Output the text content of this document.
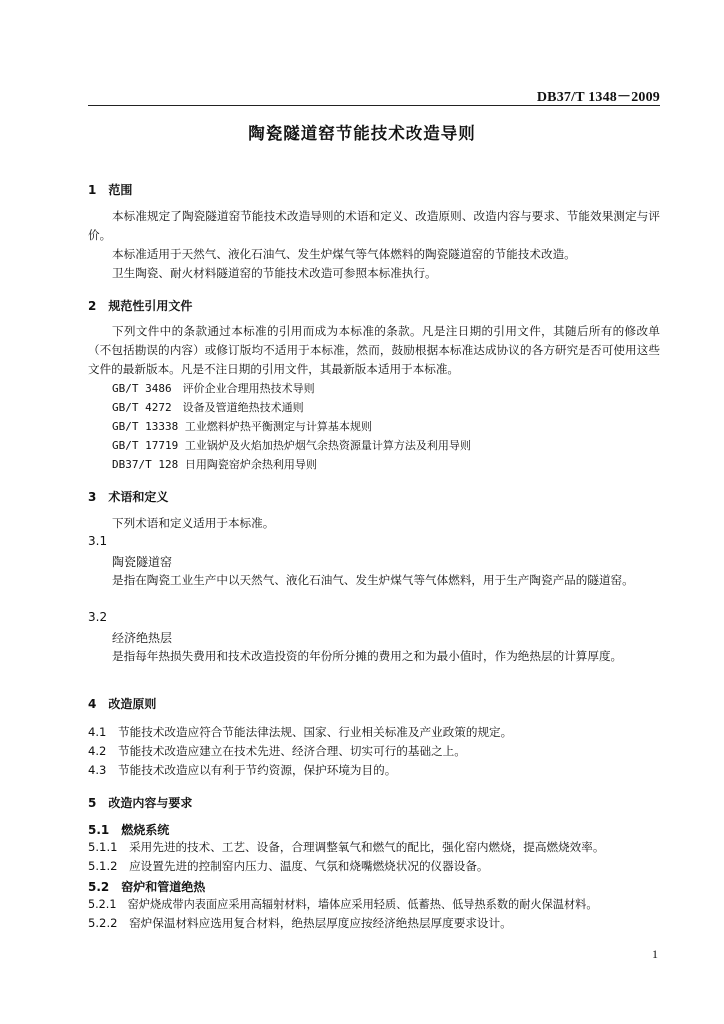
DB37/T 1348－2009
陶瓷隧道窑节能技术改造导则
1　范围
本标准规定了陶瓷隧道窑节能技术改造导则的术语和定义、改造原则、改造内容与要求、节能效果测定与评价。
本标准适用于天然气、液化石油气、发生炉煤气等气体燃料的陶瓷隧道窑的节能技术改造。
卫生陶瓷、耐火材料隧道窑的节能技术改造可参照本标准执行。
2　规范性引用文件
下列文件中的条款通过本标准的引用而成为本标准的条款。凡是注日期的引用文件，其随后所有的修改单（不包括勘误的内容）或修订版均不适用于本标准，然而，鼓励根据本标准达成协议的各方研究是否可使用这些文件的最新版本。凡是不注日期的引用文件，其最新版本适用于本标准。
GB/T 3486　评价企业合理用热技术导则
GB/T 4272　设备及管道绝热技术通则
GB/T 13338 工业燃料炉热平衡测定与计算基本规则
GB/T 17719 工业锅炉及火焰加热炉烟气余热资源量计算方法及利用导则
DB37/T 128 日用陶瓷窑炉余热利用导则
3　术语和定义
下列术语和定义适用于本标准。
3.1
陶瓷隧道窑
是指在陶瓷工业生产中以天然气、液化石油气、发生炉煤气等气体燃料，用于生产陶瓷产品的隧道窑。
3.2
经济绝热层
是指每年热损失费用和技术改造投资的年份所分摊的费用之和为最小值时，作为绝热层的计算厚度。
4　改造原则
4.1　节能技术改造应符合节能法律法规、国家、行业相关标准及产业政策的规定。
4.2　节能技术改造应建立在技术先进、经济合理、切实可行的基础之上。
4.3　节能技术改造应以有利于节约资源，保护环境为目的。
5　改造内容与要求
5.1　燃烧系统
5.1.1　采用先进的技术、工艺、设备，合理调整氧气和燃气的配比，强化窑内燃烧，提高燃烧效率。
5.1.2　应设置先进的控制窑内压力、温度、气氛和烧嘴燃烧状况的仪器设备。
5.2　窑炉和管道绝热
5.2.1　窑炉烧成带内表面应采用高辐射材料，墙体应采用轻质、低蓄热、低导热系数的耐火保温材料。
5.2.2　窑炉保温材料应选用复合材料，绝热层厚度应按经济绝热层厚度要求设计。
1
